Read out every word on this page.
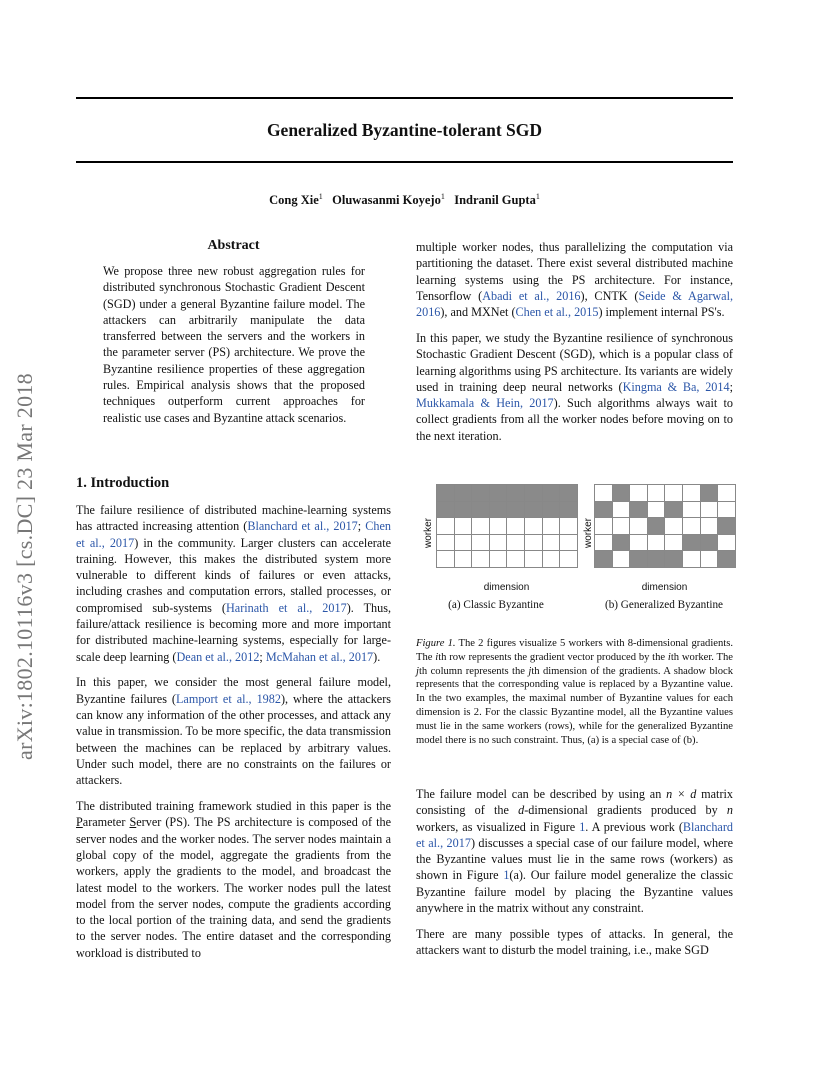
Generalized Byzantine-tolerant SGD
Cong Xie$^1$ Oluwasanmi Koyejo$^1$ Indranil Gupta$^1$
arXiv:1802.10116v3 [cs.DC] 23 Mar 2018
Abstract
We propose three new robust aggregation rules for distributed synchronous Stochastic Gradient Descent (SGD) under a general Byzantine failure model. The attackers can arbitrarily manipulate the data transferred between the servers and the workers in the parameter server (PS) architecture. We prove the Byzantine resilience properties of these aggregation rules. Empirical analysis shows that the proposed techniques outperform current approaches for realistic use cases and Byzantine attack scenarios.
1. Introduction

The failure resilience of distributed machine-learning systems has attracted increasing attention (Blanchard et al., 2017; Chen et al., 2017) in the community. Larger clusters can accelerate training. However, this makes the distributed system more vulnerable to different kinds of failures or even attacks, including crashes and computation errors, stalled processes, or compromised sub-systems (Harinath et al., 2017). Thus, failure/attack resilience is becoming more and more important for distributed machine-learning systems, especially for large-scale deep learning (Dean et al., 2012; McMahan et al., 2017).

In this paper, we consider the most general failure model, Byzantine failures (Lamport et al., 1982), where the attackers can know any information of the other processes, and attack any value in transmission. To be more specific, the data transmission between the machines can be replaced by arbitrary values. Under such model, there are no constraints on the failures or attackers.

The distributed training framework studied in this paper is the Parameter Server (PS). The PS architecture is composed of the server nodes and the worker nodes. The server nodes maintain a global copy of the model, aggregate the gradients from the workers, apply the gradients to the model, and broadcast the latest model to the workers. The worker nodes pull the latest model from the server nodes, compute the gradients according to the local portion of the training data, and send the gradients to the server nodes. The entire dataset and the corresponding workload is distributed to

multiple worker nodes, thus parallelizing the computation via partitioning the dataset. There exist several distributed machine learning systems using the PS architecture. For instance, Tensorflow (Abadi et al., 2016), CNTK (Seide & Agarwal, 2016), and MXNet (Chen et al., 2015) implement internal PS's.

In this paper, we study the Byzantine resilience of synchronous Stochastic Gradient Descent (SGD), which is a popular class of learning algorithms using PS architecture. Its variants are widely used in training deep neural networks (Kingma & Ba, 2014; Mukkamala & Hein, 2017). Such algorithms always wait to collect gradients from all the worker nodes before moving on to the next iteration.

worker
dimension
(a) Classic Byzantine
worker
dimension
(b) Generalized Byzantine
Figure 1. The 2 figures visualize 5 workers with 8-dimensional gradients. The ith row represents the gradient vector produced by the ith worker. The jth column represents the jth dimension of the gradients. A shadow block represents that the corresponding value is replaced by a Byzantine value. In the two examples, the maximal number of Byzantine values for each dimension is 2. For the classic Byzantine model, all the Byzantine values must lie in the same workers (rows), while for the generalized Byzantine model there is no such constraint. Thus, (a) is a special case of (b).

The failure model can be described by using an n × d matrix consisting of the d-dimensional gradients produced by n workers, as visualized in Figure 1. A previous work (Blanchard et al., 2017) discusses a special case of our failure model, where the Byzantine values must lie in the same rows (workers) as shown in Figure 1(a). Our failure model generalize the classic Byzantine failure model by placing the Byzantine values anywhere in the matrix without any constraint.

There are many possible types of attacks. In general, the attackers want to disturb the model training, i.e., make SGD
